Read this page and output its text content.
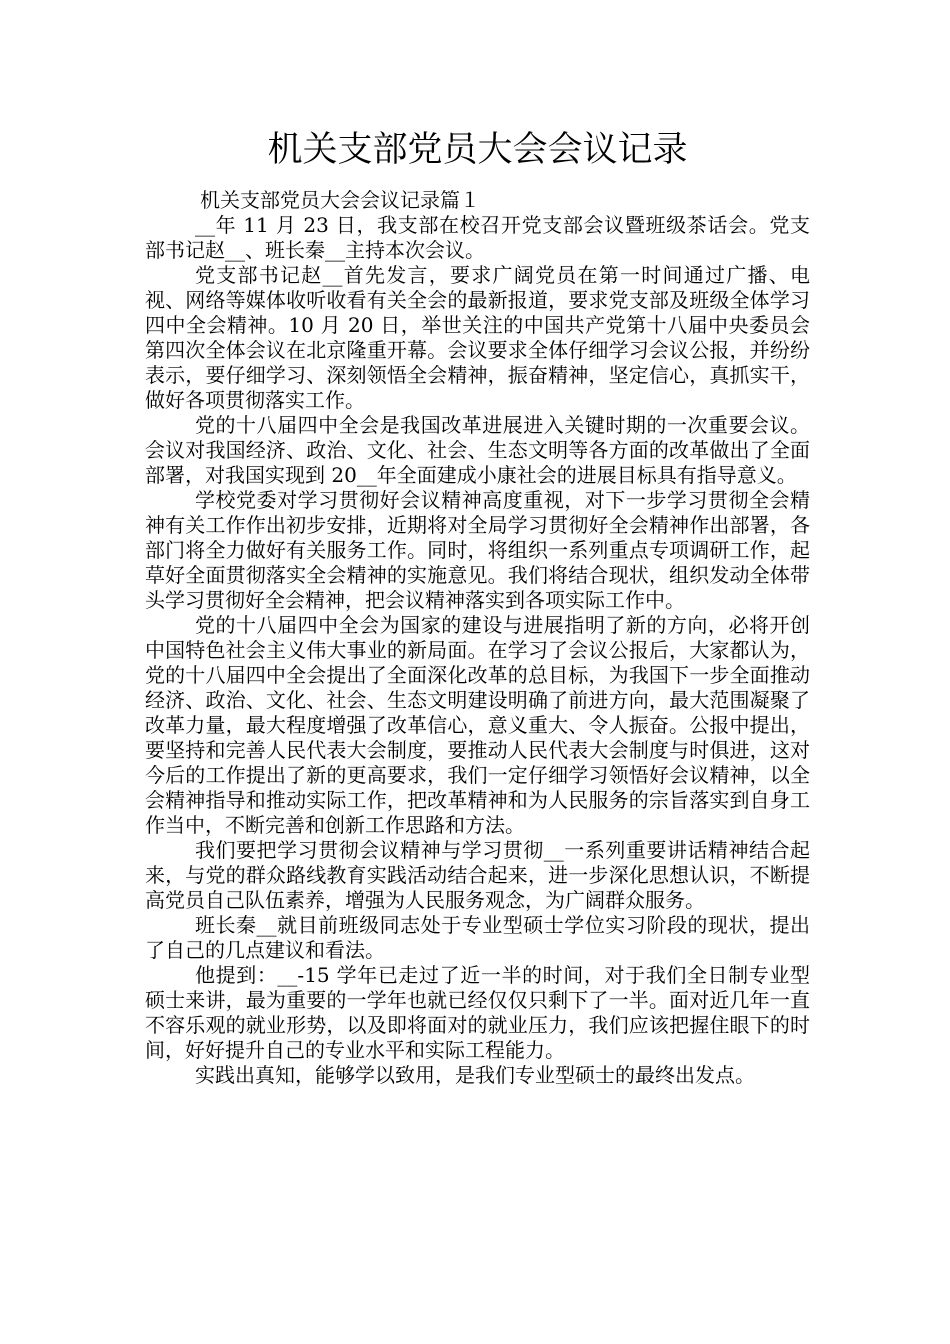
机关支部党员大会会议记录

机关支部党员大会会议记录篇１

__年 11 月 23 日，我支部在校召开党支部会议暨班级茶话会。党支部书记赵__、班长秦__主持本次会议。

党支部书记赵__首先发言，要求广阔党员在第一时间通过广播、电视、网络等媒体收听收看有关全会的最新报道，要求党支部及班级全体学习四中全会精神。10 月 20 日，举世关注的中国共产党第十八届中央委员会第四次全体会议在北京隆重开幕。会议要求全体仔细学习会议公报，并纷纷表示，要仔细学习、深刻领悟全会精神，振奋精神，坚定信心，真抓实干，做好各项贯彻落实工作。

党的十八届四中全会是我国改革进展进入关键时期的一次重要会议。会议对我国经济、政治、文化、社会、生态文明等各方面的改革做出了全面部署，对我国实现到 20__年全面建成小康社会的进展目标具有指导意义。

学校党委对学习贯彻好会议精神高度重视，对下一步学习贯彻全会精神有关工作作出初步安排，近期将对全局学习贯彻好全会精神作出部署，各部门将全力做好有关服务工作。同时，将组织一系列重点专项调研工作，起草好全面贯彻落实全会精神的实施意见。我们将结合现状，组织发动全体带头学习贯彻好全会精神，把会议精神落实到各项实际工作中。

党的十八届四中全会为国家的建设与进展指明了新的方向，必将开创中国特色社会主义伟大事业的新局面。在学习了会议公报后，大家都认为，党的十八届四中全会提出了全面深化改革的总目标，为我国下一步全面推动经济、政治、文化、社会、生态文明建设明确了前进方向，最大范围凝聚了改革力量，最大程度增强了改革信心，意义重大、令人振奋。公报中提出，要坚持和完善人民代表大会制度，要推动人民代表大会制度与时俱进，这对今后的工作提出了新的更高要求，我们一定仔细学习领悟好会议精神，以全会精神指导和推动实际工作，把改革精神和为人民服务的宗旨落实到自身工作当中，不断完善和创新工作思路和方法。

我们要把学习贯彻会议精神与学习贯彻__一系列重要讲话精神结合起来，与党的群众路线教育实践活动结合起来，进一步深化思想认识，不断提高党员自己队伍素养，增强为人民服务观念，为广阔群众服务。

班长秦__就目前班级同志处于专业型硕士学位实习阶段的现状，提出了自己的几点建议和看法。

他提到：__-15 学年已走过了近一半的时间，对于我们全日制专业型硕士来讲，最为重要的一学年也就已经仅仅只剩下了一半。面对近几年一直不容乐观的就业形势，以及即将面对的就业压力，我们应该把握住眼下的时间，好好提升自己的专业水平和实际工程能力。

实践出真知，能够学以致用，是我们专业型硕士的最终出发点。
